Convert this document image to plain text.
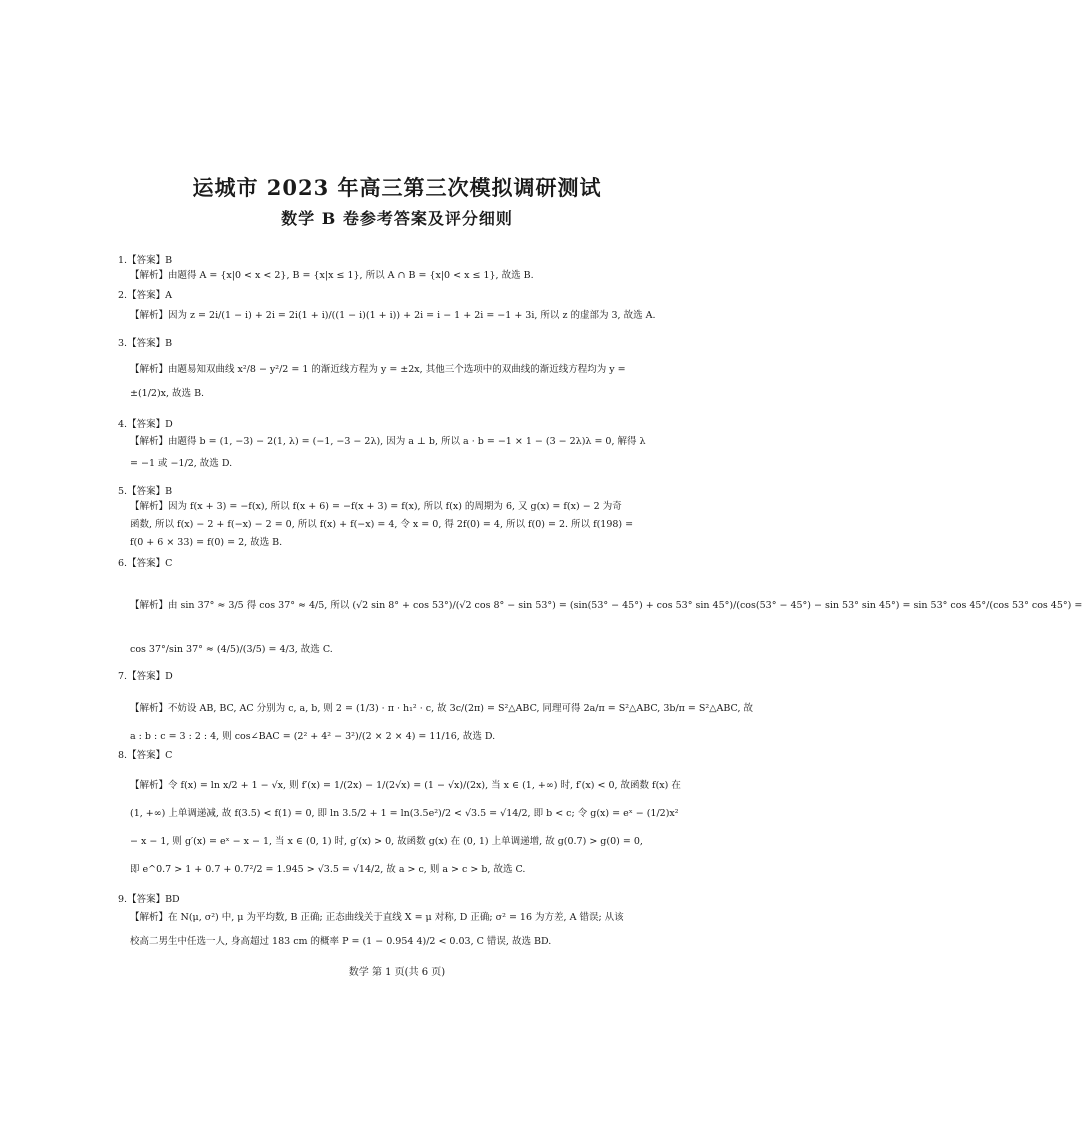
运城市 2023 年高三第三次模拟调研测试
数学 B 卷参考答案及评分细则
1.【答案】B
【解析】由题得 A = {x|0 < x < 2}, B = {x|x ≤ 1}, 所以 A ∩ B = {x|0 < x ≤ 1}, 故选 B.
2.【答案】A
【解析】因为 z = 2i/(1 − i) + 2i = 2i(1 + i)/((1 − i)(1 + i)) + 2i = i − 1 + 2i = −1 + 3i, 所以 z 的虚部为 3, 故选 A.
3.【答案】B
【解析】由题易知双曲线 x²/8 − y²/2 = 1 的渐近线方程为 y = ±2x, 其他三个选项中的双曲线的渐近线方程均为 y =
±(1/2)x, 故选 B.
4.【答案】D
【解析】由题得 b = (1, −3) − 2(1, λ) = (−1, −3 − 2λ), 因为 a ⊥ b, 所以 a · b = −1 × 1 − (3 − 2λ)λ = 0, 解得 λ
= −1 或 −1/2, 故选 D.
5.【答案】B
【解析】因为 f(x + 3) = −f(x), 所以 f(x + 6) = −f(x + 3) = f(x), 所以 f(x) 的周期为 6, 又 g(x) = f(x) − 2 为奇
函数, 所以 f(x) − 2 + f(−x) − 2 = 0, 所以 f(x) + f(−x) = 4, 令 x = 0, 得 2f(0) = 4, 所以 f(0) = 2. 所以 f(198) =
f(0 + 6 × 33) = f(0) = 2, 故选 B.
6.【答案】C
【解析】由 sin 37° ≈ 3/5 得 cos 37° ≈ 4/5, 所以 (√2 sin 8° + cos 53°)/(√2 cos 8° − sin 53°) = (sin(53° − 45°) + cos 53° sin 45°)/(cos(53° − 45°) − sin 53° sin 45°) = sin 53° cos 45°/(cos 53° cos 45°) =
cos 37°/sin 37° ≈ (4/5)/(3/5) = 4/3, 故选 C.
7.【答案】D
【解析】不妨设 AB, BC, AC 分别为 c, a, b, 则 2 = (1/3) · π · h₁² · c, 故 3c/(2π) = S²△ABC, 同理可得 2a/π = S²△ABC, 3b/π = S²△ABC, 故
a : b : c = 3 : 2 : 4, 则 cos∠BAC = (2² + 4² − 3²)/(2 × 2 × 4) = 11/16, 故选 D.
8.【答案】C
【解析】令 f(x) = ln x/2 + 1 − √x, 则 f′(x) = 1/(2x) − 1/(2√x) = (1 − √x)/(2x), 当 x ∈ (1, +∞) 时, f′(x) < 0, 故函数 f(x) 在
(1, +∞) 上单调递减, 故 f(3.5) < f(1) = 0, 即 ln 3.5/2 + 1 = ln(3.5e²)/2 < √3.5 = √14/2, 即 b < c; 令 g(x) = eˣ − (1/2)x²
− x − 1, 则 g′(x) = eˣ − x − 1, 当 x ∈ (0, 1) 时, g′(x) > 0, 故函数 g(x) 在 (0, 1) 上单调递增, 故 g(0.7) > g(0) = 0,
即 e^0.7 > 1 + 0.7 + 0.7²/2 = 1.945 > √3.5 = √14/2, 故 a > c, 则 a > c > b, 故选 C.
9.【答案】BD
【解析】在 N(μ, σ²) 中, μ 为平均数, B 正确; 正态曲线关于直线 X = μ 对称, D 正确; σ² = 16 为方差, A 错误; 从该
校高二男生中任选一人, 身高超过 183 cm 的概率 P = (1 − 0.954 4)/2 < 0.03, C 错误, 故选 BD.
数学 第 1 页(共 6 页)
